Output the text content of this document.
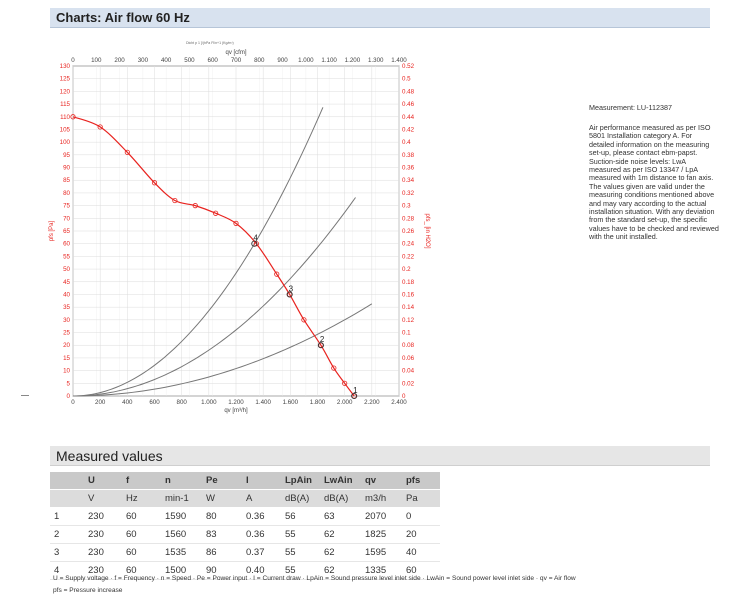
Charts: Air flow 60 Hz
Dicht p 1 ]/(hPa Fl/n+1 (Kg/m³)
0	200	400	600	800 1.000 1.200 1.400 1.600 1.800 2.000 2.200 2.400
qv [m³/h]
0	100 200 300 400 500 600 700 800 900 1.000 1.100 1.200 1.300 1.400
qv [cfm]
0
5
10
15
20
25
30
35
40
45
50
55
60
65
70
75
80
85
90
95
100
105
110
115
120
125
130
pfs [Pa]
0
0.02
0.04
0.06
0.08
0.1
0.12
0.14
0.16
0.18
0.2
0.22
0.24
0.26
0.28
0.3
0.32
0.34
0.36
0.38
0.4
0.42
0.44
0.46
0.48
0.5
0.52
pfs_ [in H2O]
1
2
3
4
Measurement: LU-112387
Air performance measured as per ISO 5801 Installation category A. For detailed information on the measuring set-up, please contact ebm-papst. Suction-side noise levels: LwA measured as per ISO 13347 / LpA measured with 1m distance to fan axis. The values given are valid under the measuring conditions mentioned above and may vary according to the actual installation situation. With any deviation from the standard set-up, the specific values have to be checked and reviewed with the unit installed.
Measured values
	U	f	n	Pe	I	LpAin	LwAin	qv	pfs
	V	Hz	min-1	W	A	dB(A)	dB(A)	m3/h	Pa
1	230	60	1590	80	0.36	56	63	2070	0
2	230	60	1560	83	0.36	55	62	1825	20
3	230	60	1535	86	0.37	55	62	1595	40
4	230	60	1500	90	0.40	55	62	1335	60
U = Supply voltage · f = Frequency · n = Speed · Pe = Power input · I = Current draw · LpAin = Sound pressure level inlet side · LwAin = Sound power level inlet side · qv = Air flow
pfs = Pressure increase
